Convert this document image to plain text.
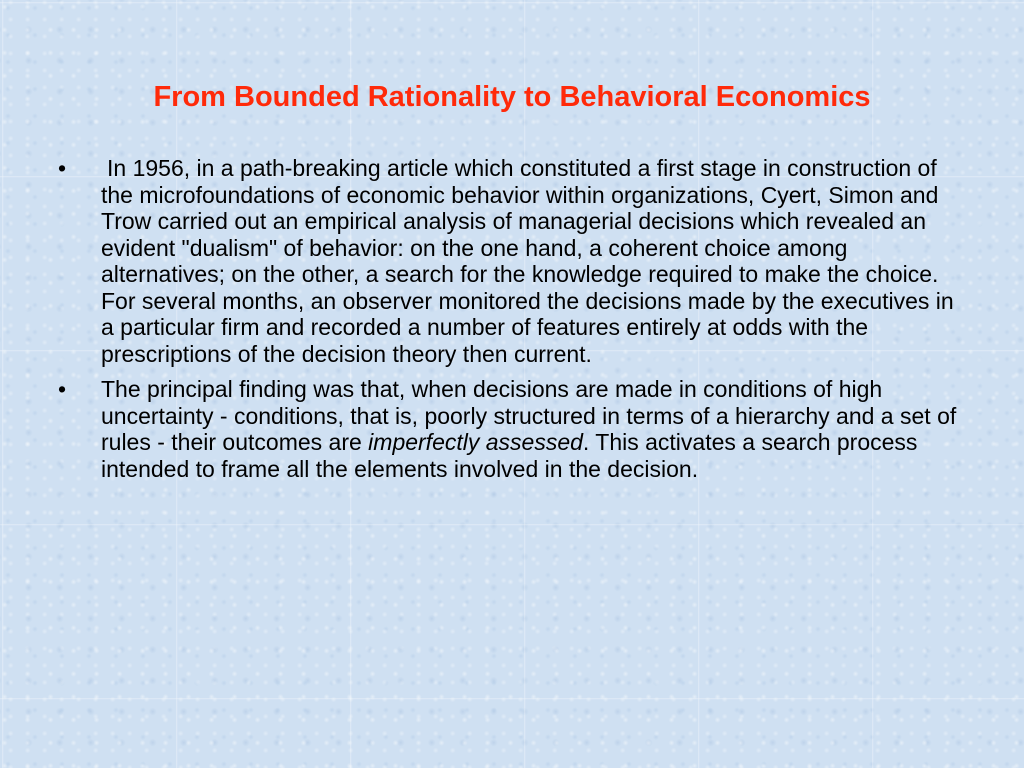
From Bounded Rationality to Behavioral Economics
• In 1956, in a path-breaking article which constituted a first stage in construction of the microfoundations of economic behavior within organizations, Cyert, Simon and Trow carried out an empirical analysis of managerial decisions which revealed an evident "dualism" of behavior: on the one hand, a coherent choice among alternatives; on the other, a search for the knowledge required to make the choice. For several months, an observer monitored the decisions made by the executives in a particular firm and recorded a number of features entirely at odds with the prescriptions of the decision theory then current.
• The principal finding was that, when decisions are made in conditions of high uncertainty - conditions, that is, poorly structured in terms of a hierarchy and a set of rules - their outcomes are imperfectly assessed. This activates a search process intended to frame all the elements involved in the decision.
